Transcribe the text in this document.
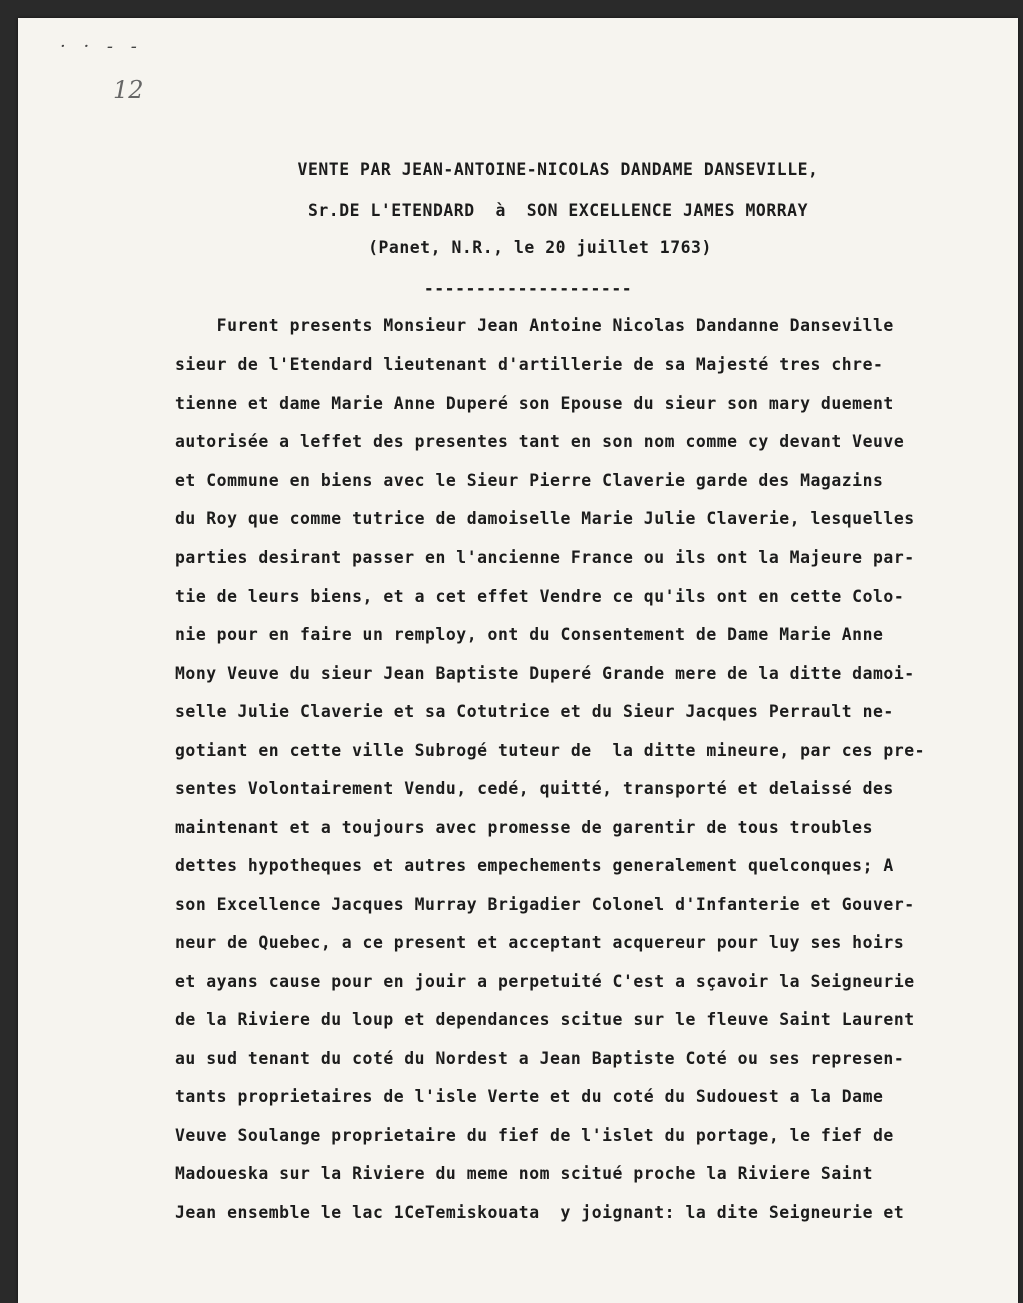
· · ‑ ‑
12
VENTE PAR JEAN-ANTOINE-NICOLAS DANDAME DANSEVILLE,
Sr.DE L'ETENDARD  à  SON EXCELLENCE JAMES MORRAY
(Panet, N.R., le 20 juillet 1763)
--------------------
Furent presents Monsieur Jean Antoine Nicolas Dandanne Danseville
sieur de l'Etendard lieutenant d'artillerie de sa Majesté tres chre-
tienne et dame Marie Anne Duperé son Epouse du sieur son mary duement
autorisée a leffet des presentes tant en son nom comme cy devant Veuve
et Commune en biens avec le Sieur Pierre Claverie garde des Magazins
du Roy que comme tutrice de damoiselle Marie Julie Claverie, lesquelles
parties desirant passer en l'ancienne France ou ils ont la Majeure par-
tie de leurs biens, et a cet effet Vendre ce qu'ils ont en cette Colo-
nie pour en faire un remploy, ont du Consentement de Dame Marie Anne
Mony Veuve du sieur Jean Baptiste Duperé Grande mere de la ditte damoi-
selle Julie Claverie et sa Cotutrice et du Sieur Jacques Perrault ne-
gotiant en cette ville Subrogé tuteur de  la ditte mineure, par ces pre-
sentes Volontairement Vendu, cedé, quitté, transporté et delaissé des
maintenant et a toujours avec promesse de garentir de tous troubles
dettes hypotheques et autres empechements generalement quelconques; A
son Excellence Jacques Murray Brigadier Colonel d'Infanterie et Gouver-
neur de Quebec, a ce present et acceptant acquereur pour luy ses hoirs
et ayans cause pour en jouir a perpetuité C'est a sçavoir la Seigneurie
de la Riviere du loup et dependances scitue sur le fleuve Saint Laurent
au sud tenant du coté du Nordest a Jean Baptiste Coté ou ses represen-
tants proprietaires de l'isle Verte et du coté du Sudouest a la Dame
Veuve Soulange proprietaire du fief de l'islet du portage, le fief de
Madoueska sur la Riviere du meme nom scitué proche la Riviere Saint
Jean ensemble le lac 1CeTemiskouata  y joignant: la dite Seigneurie et
